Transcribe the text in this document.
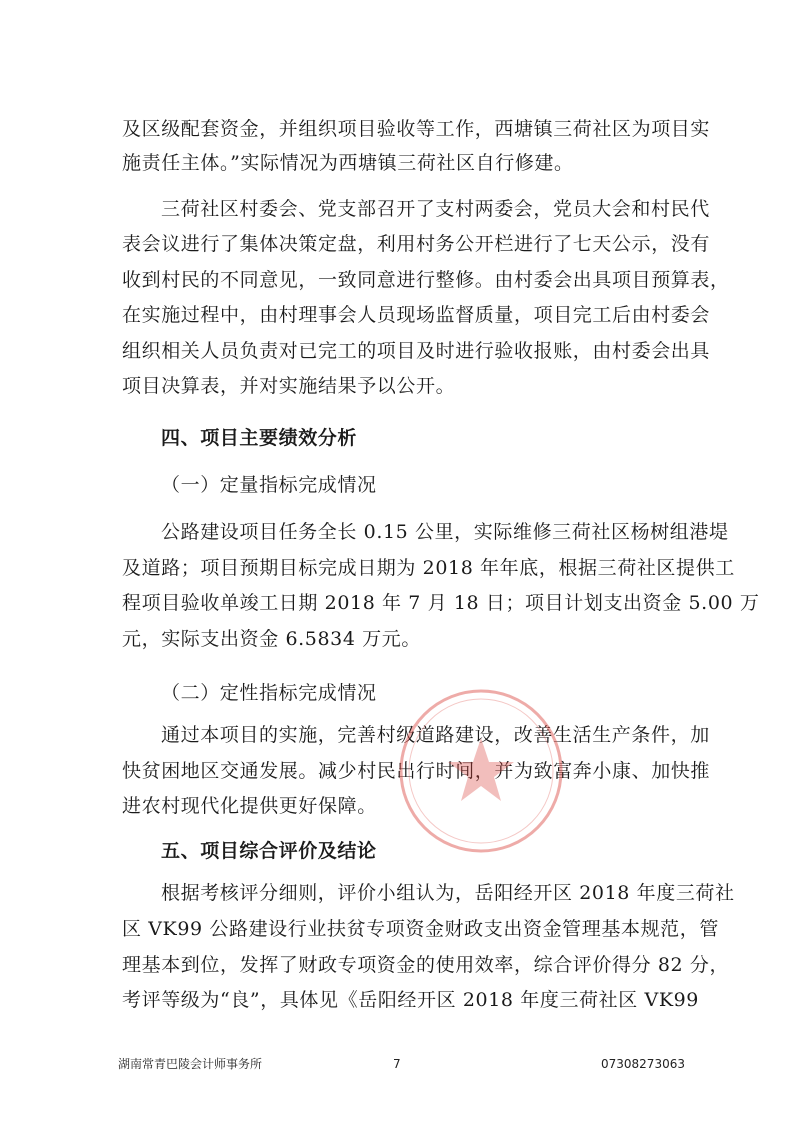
及区级配套资金，并组织项目验收等工作，西塘镇三荷社区为项目实
施责任主体。”实际情况为西塘镇三荷社区自行修建。
三荷社区村委会、党支部召开了支村两委会，党员大会和村民代
表会议进行了集体决策定盘，利用村务公开栏进行了七天公示，没有
收到村民的不同意见，一致同意进行整修。由村委会出具项目预算表，
在实施过程中，由村理事会人员现场监督质量，项目完工后由村委会
组织相关人员负责对已完工的项目及时进行验收报账，由村委会出具
项目决算表，并对实施结果予以公开。
四、项目主要绩效分析
（一）定量指标完成情况
公路建设项目任务全长 0.15 公里，实际维修三荷社区杨树组港堤
及道路；项目预期目标完成日期为 2018 年年底，根据三荷社区提供工
程项目验收单竣工日期 2018 年 7 月 18 日；项目计划支出资金 5.00 万
元，实际支出资金 6.5834 万元。
（二）定性指标完成情况
通过本项目的实施，完善村级道路建设，改善生活生产条件，加
快贫困地区交通发展。减少村民出行时间，并为致富奔小康、加快推
进农村现代化提供更好保障。
五、项目综合评价及结论
根据考核评分细则，评价小组认为，岳阳经开区 2018 年度三荷社
区 VK99 公路建设行业扶贫专项资金财政支出资金管理基本规范，管
理基本到位，发挥了财政专项资金的使用效率，综合评价得分 82 分，
考评等级为“良”，具体见《岳阳经开区 2018 年度三荷社区 VK99
湖南常青巴陵会计师事务所	7	07308273063
